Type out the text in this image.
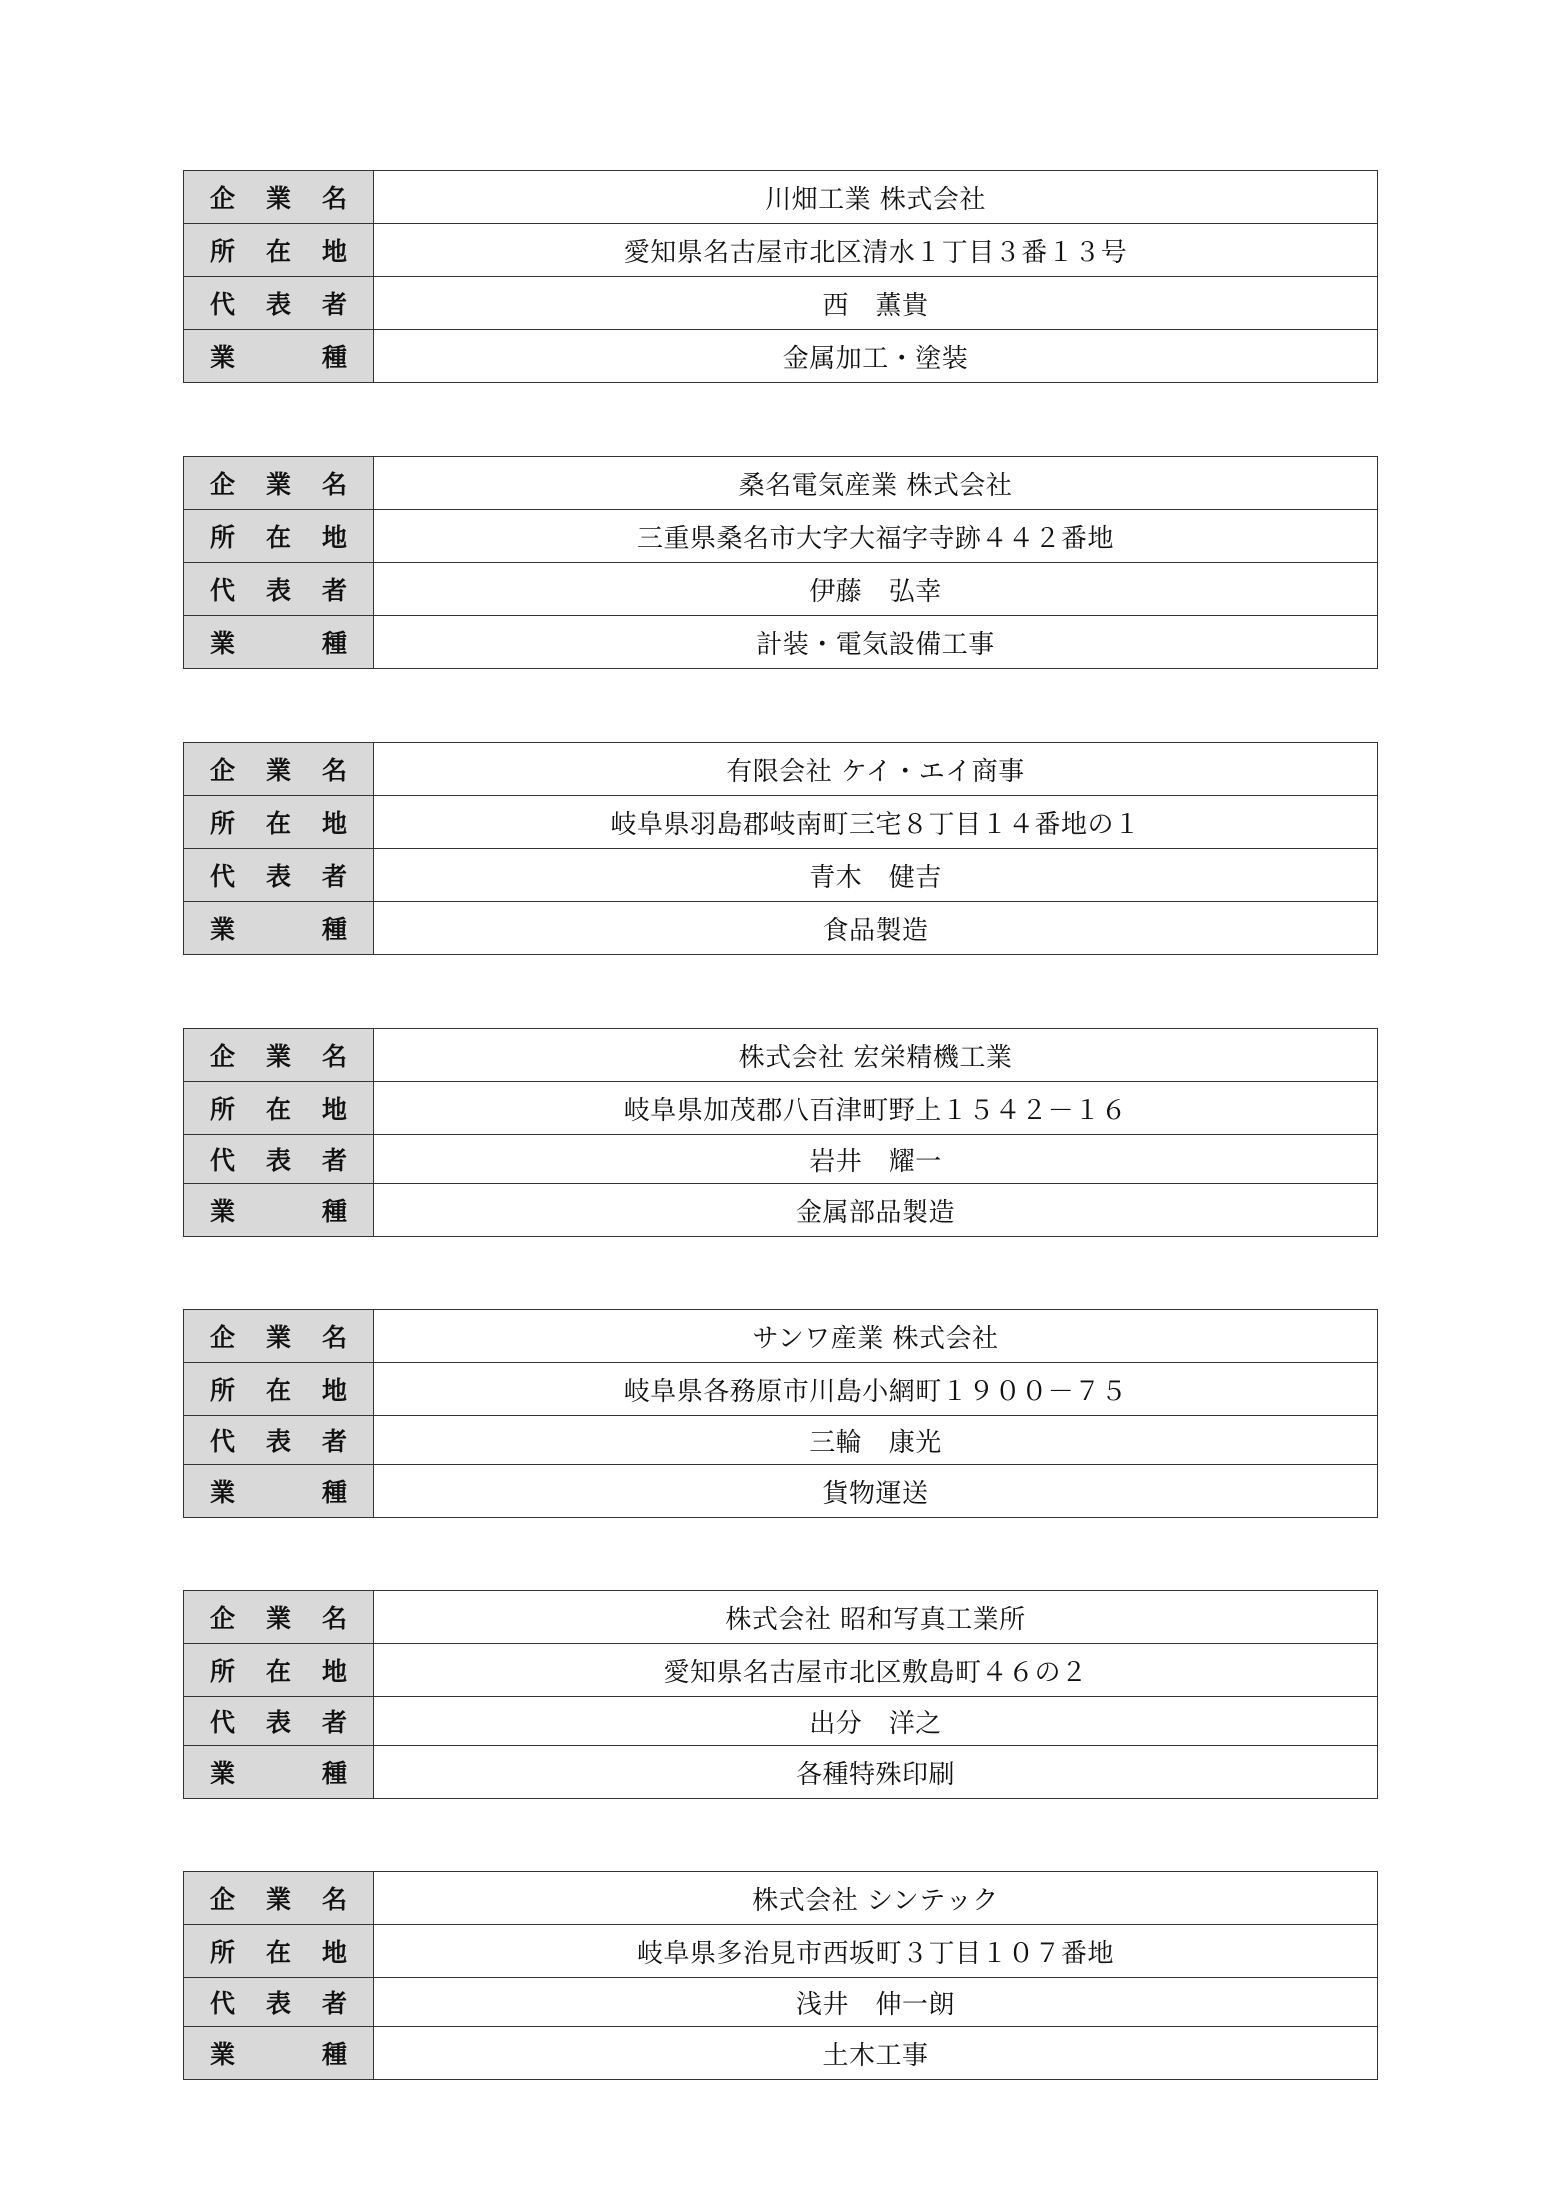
企 業 名	川畑工業 株式会社

所 在 地	愛知県名古屋市北区清水１丁目３番１３号

代 表 者	西　薫貴

業 種	金属加工・塗装
企 業 名	桑名電気産業 株式会社

所 在 地	三重県桑名市大字大福字寺跡４４２番地

代 表 者	伊藤　弘幸

業 種	計装・電気設備工事
企 業 名	有限会社 ケイ・エイ商事

所 在 地	岐阜県羽島郡岐南町三宅８丁目１４番地の１

代 表 者	青木　健吉

業 種	食品製造
企 業 名	株式会社 宏栄精機工業

所 在 地	岐阜県加茂郡八百津町野上１５４２－１６

代 表 者	岩井　耀一

業 種	金属部品製造
企 業 名	サンワ産業 株式会社

所 在 地	岐阜県各務原市川島小網町１９００－７５

代 表 者	三輪　康光

業 種	貨物運送
企 業 名	株式会社 昭和写真工業所

所 在 地	愛知県名古屋市北区敷島町４６の２

代 表 者	出分　洋之

業 種	各種特殊印刷
企 業 名	株式会社 シンテック

所 在 地	岐阜県多治見市西坂町３丁目１０７番地

代 表 者	浅井　伸一朗

業 種	土木工事
